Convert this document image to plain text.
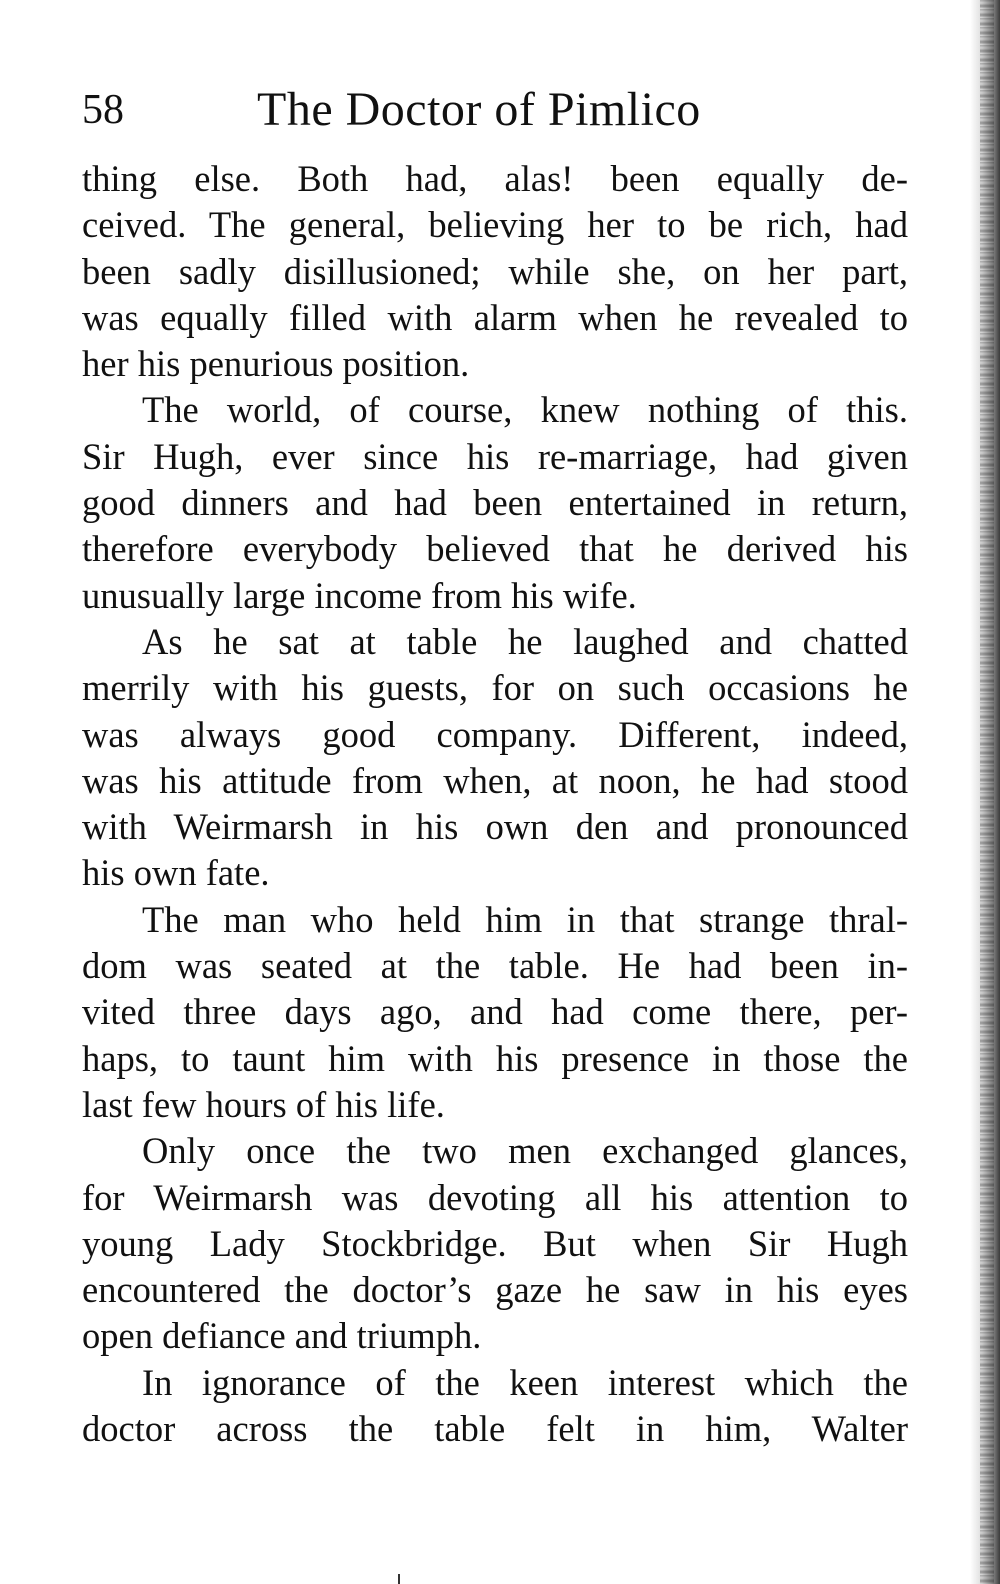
58	The Doctor of Pimlico
thing else. Both had, alas! been equally de-
ceived. The general, believing her to be rich, had
been sadly disillusioned; while she, on her part,
was equally filled with alarm when he revealed to
her his penurious position.
The world, of course, knew nothing of this.
Sir Hugh, ever since his re-marriage, had given
good dinners and had been entertained in return,
therefore everybody believed that he derived his
unusually large income from his wife.
As he sat at table he laughed and chatted
merrily with his guests, for on such occasions he
was always good company. Different, indeed,
was his attitude from when, at noon, he had stood
with Weirmarsh in his own den and pronounced
his own fate.
The man who held him in that strange thral-
dom was seated at the table. He had been in-
vited three days ago, and had come there, per-
haps, to taunt him with his presence in those the
last few hours of his life.
Only once the two men exchanged glances,
for Weirmarsh was devoting all his attention to
young Lady Stockbridge. But when Sir Hugh
encountered the doctor’s gaze he saw in his eyes
open defiance and triumph.
In ignorance of the keen interest which the
doctor across the table felt in him, Walter
